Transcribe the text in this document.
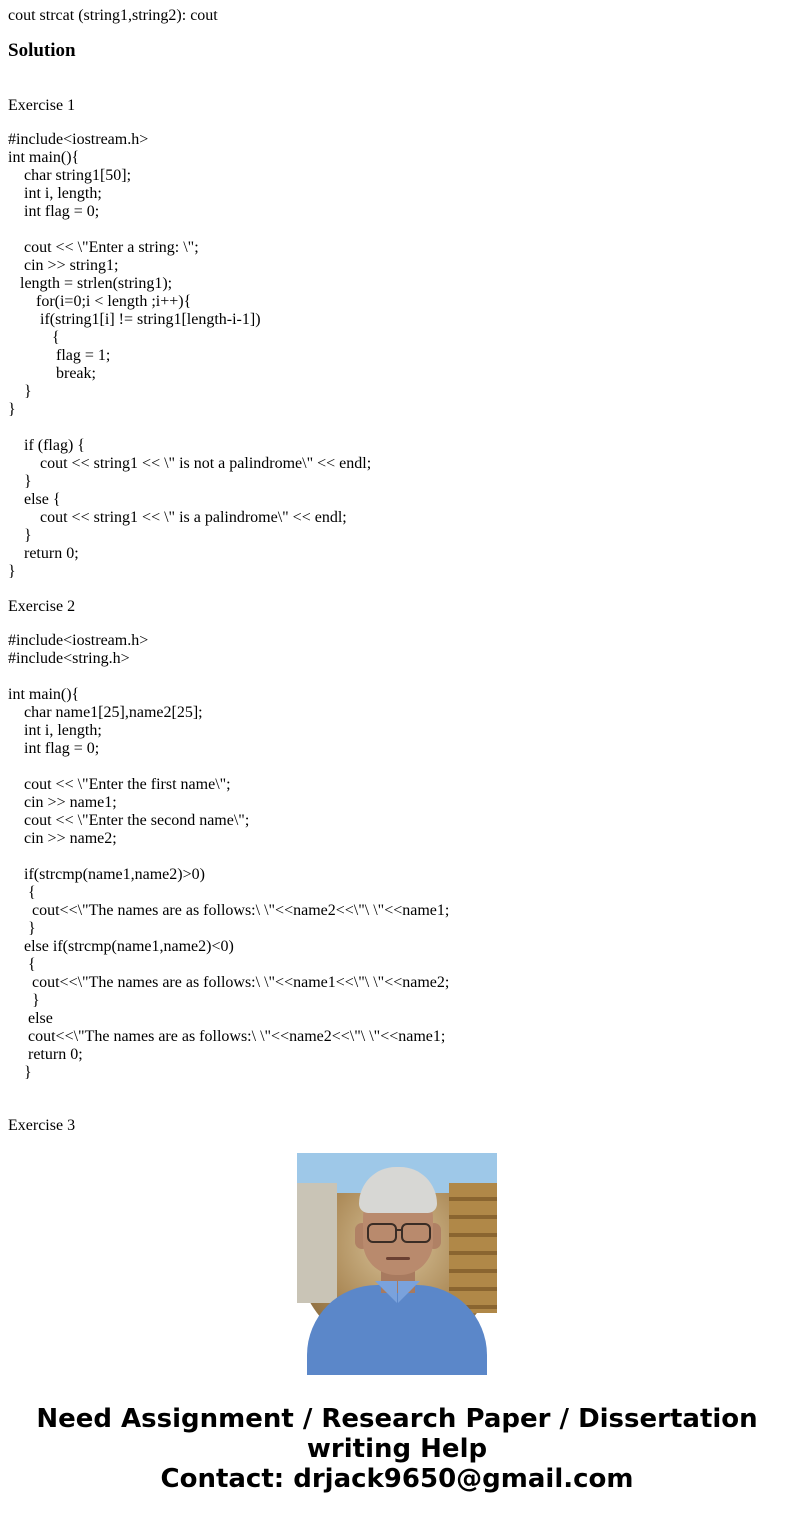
cout strcat (string1,string2): cout
Solution
Exercise 1
#include<iostream.h>
int main(){
char string1[50];
int i, length;
int flag = 0;

cout << \"Enter a string: \";
cin >> string1;
length = strlen(string1);
for(i=0;i < length ;i++){
if(string1[i] != string1[length-i-1])
{
flag = 1;
break;
}
}

if (flag) {
cout << string1 << \" is not a palindrome\" << endl;
}
else {
cout << string1 << \" is a palindrome\" << endl;
}
return 0;
}
Exercise 2
#include<iostream.h>
#include<string.h>

int main(){
char name1[25],name2[25];
int i, length;
int flag = 0;

cout << \"Enter the first name\";
cin >> name1;
cout << \"Enter the second name\";
cin >> name2;

if(strcmp(name1,name2)>0)
{
cout<<\"The names are as follows:\ \"<<name2<<\"\ \"<<name1;
}
else if(strcmp(name1,name2)<0)
{
cout<<\"The names are as follows:\ \"<<name1<<\"\ \"<<name2;
}
else
cout<<\"The names are as follows:\ \"<<name2<<\"\ \"<<name1;
return 0;
}
Exercise 3
Need Assignment / Research Paper / Dissertation
writing Help
Contact: drjack9650@gmail.com
